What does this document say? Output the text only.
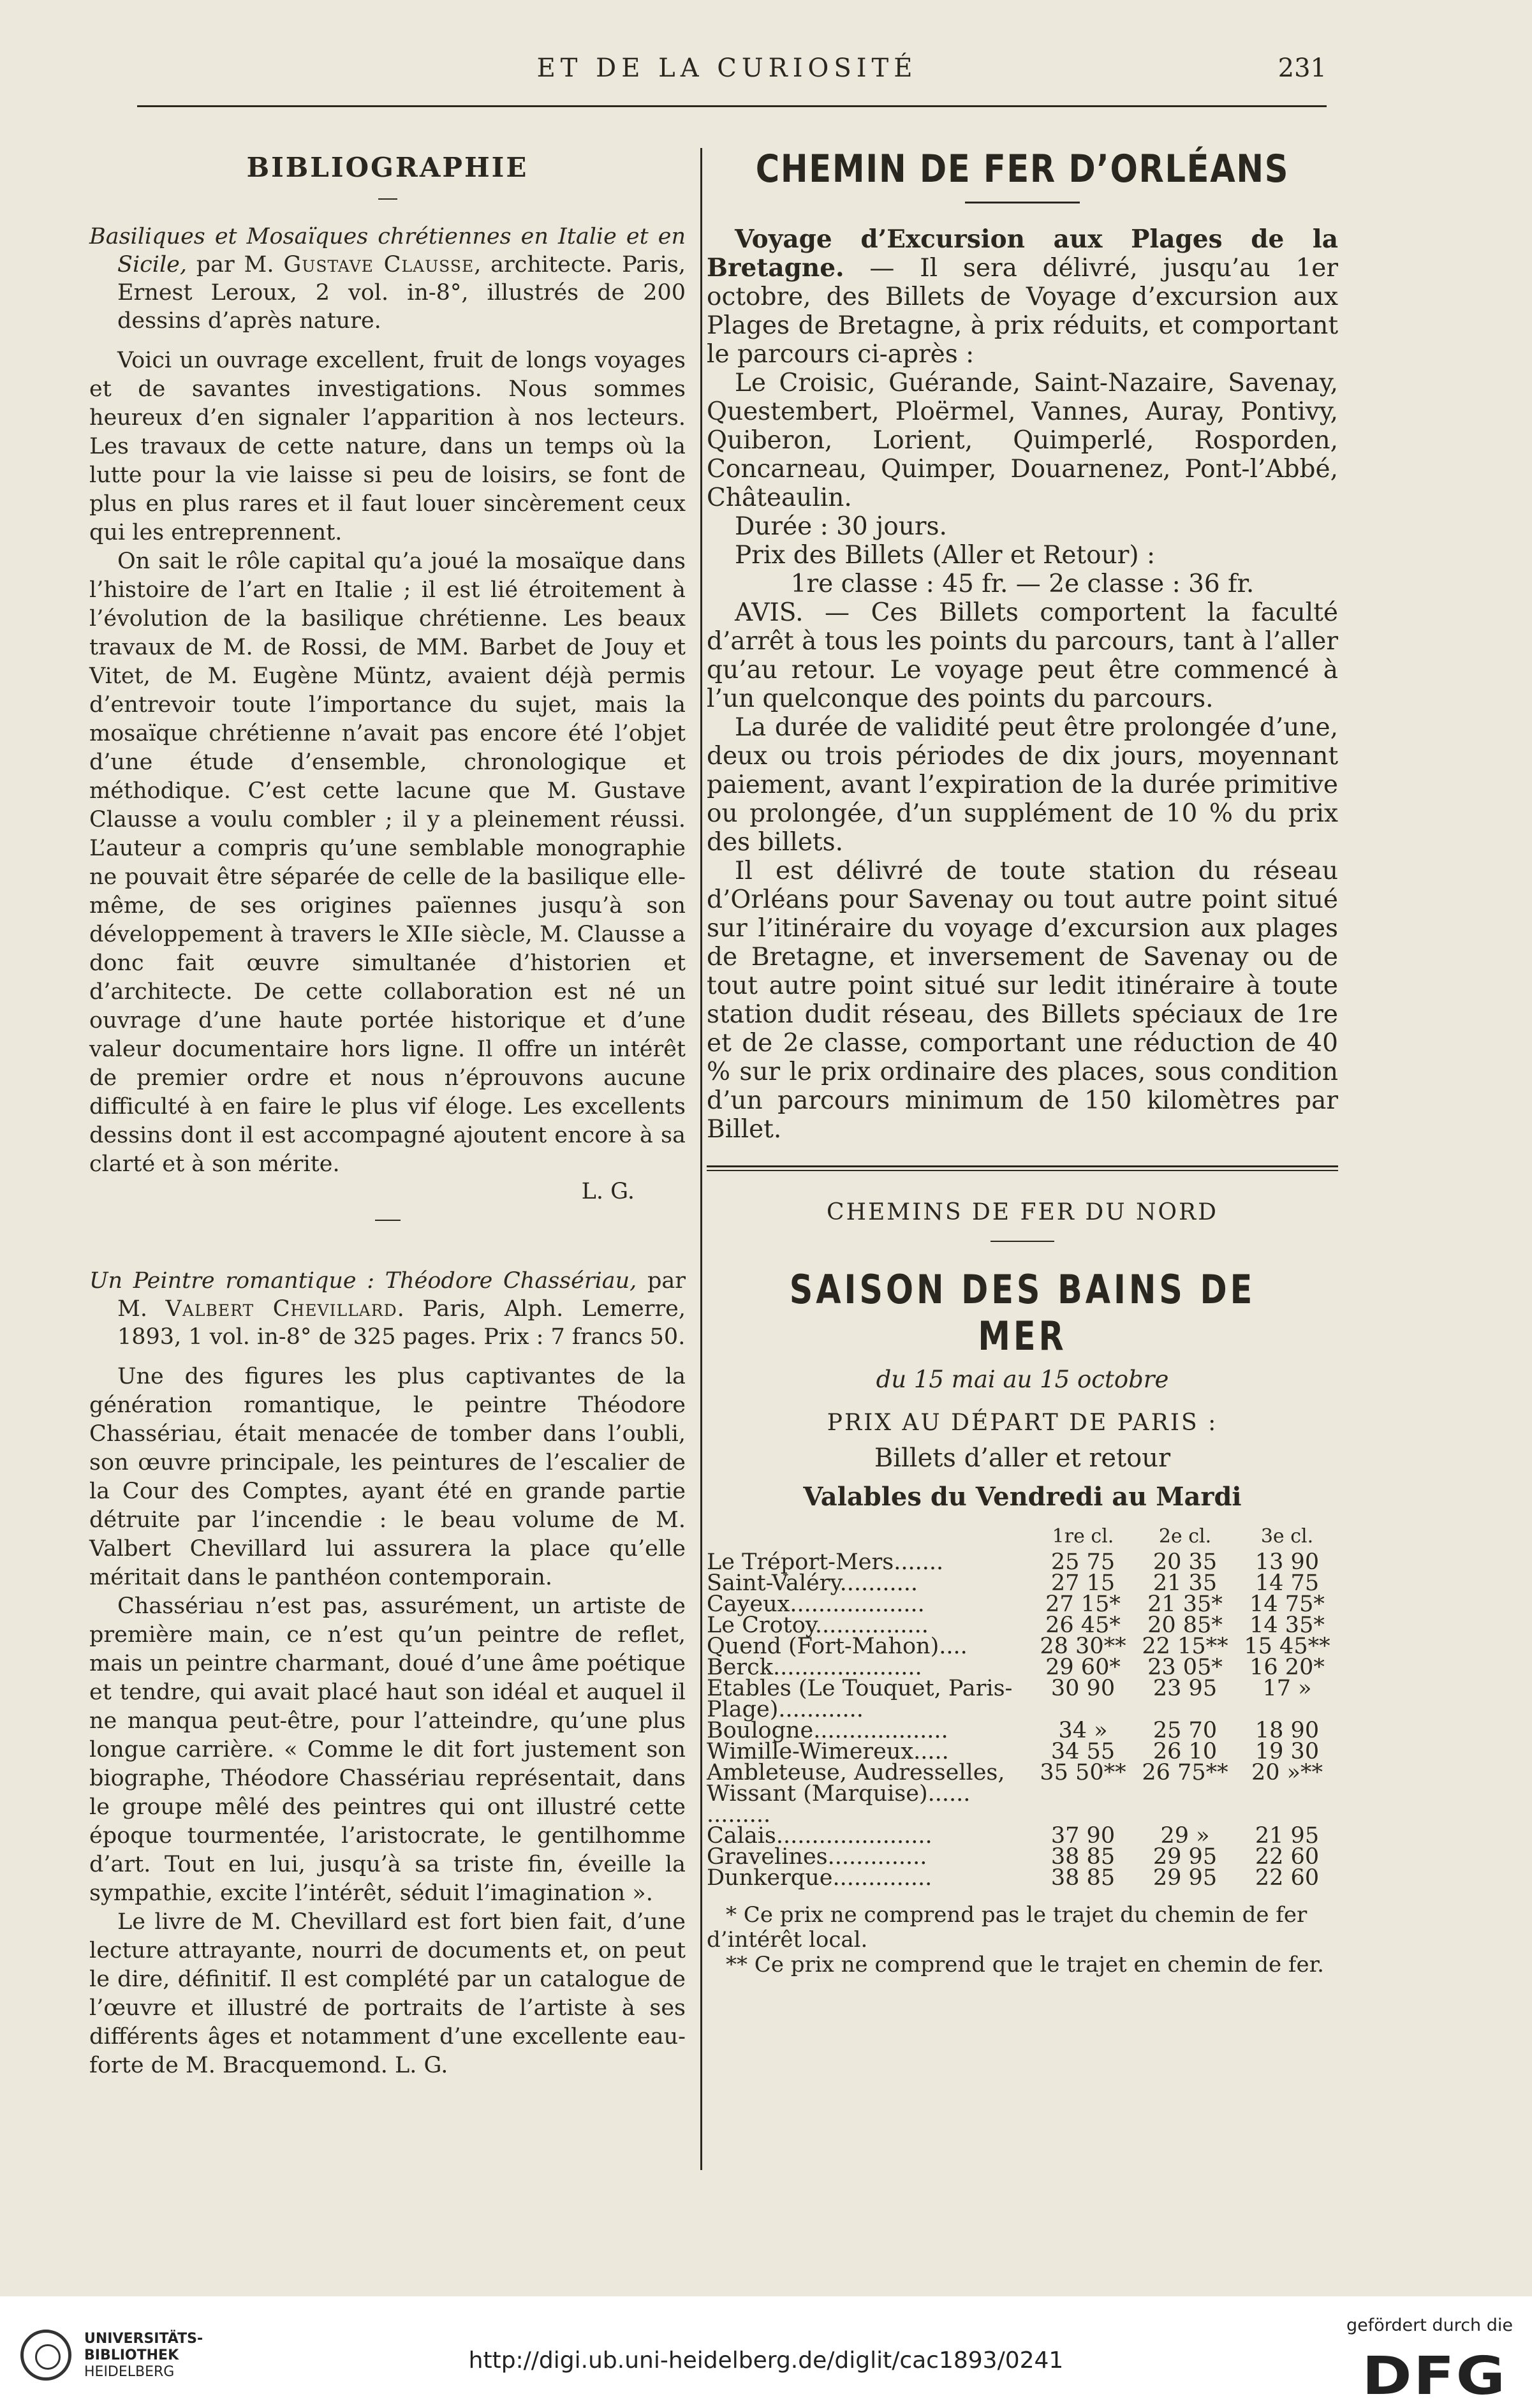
ET DE LA CURIOSITÉ	231
BIBLIOGRAPHIE

Basiliques et Mosaïques chrétiennes en Italie et en Sicile, par M. Gustave Clausse, architecte. Paris, Ernest Leroux, 2 vol. in-8°, illustrés de 200 dessins d’après nature.

Voici un ouvrage excellent, fruit de longs voyages et de savantes investigations. Nous sommes heureux d’en signaler l’apparition à nos lecteurs. Les travaux de cette nature, dans un temps où la lutte pour la vie laisse si peu de loisirs, se font de plus en plus rares et il faut louer sincèrement ceux qui les entreprennent.

On sait le rôle capital qu’a joué la mosaïque dans l’histoire de l’art en Italie ; il est lié étroitement à l’évolution de la basilique chrétienne. Les beaux travaux de M. de Rossi, de MM. Barbet de Jouy et Vitet, de M. Eugène Müntz, avaient déjà permis d’entrevoir toute l’importance du sujet, mais la mosaïque chrétienne n’avait pas encore été l’objet d’une étude d’ensemble, chronologique et méthodique. C’est cette lacune que M. Gustave Clausse a voulu combler ; il y a pleinement réussi. L’auteur a compris qu’une semblable monographie ne pouvait être séparée de celle de la basilique elle-même, de ses origines païennes jusqu’à son développement à travers le XIIe siècle, M. Clausse a donc fait œuvre simultanée d’historien et d’architecte. De cette collaboration est né un ouvrage d’une haute portée historique et d’une valeur documentaire hors ligne. Il offre un intérêt de premier ordre et nous n’éprouvons aucune difficulté à en faire le plus vif éloge. Les excellents dessins dont il est accompagné ajoutent encore à sa clarté et à son mérite.

L. G.

Un Peintre romantique : Théodore Chassériau, par M. Valbert Chevillard. Paris, Alph. Lemerre, 1893, 1 vol. in-8° de 325 pages. Prix : 7 francs 50.

Une des figures les plus captivantes de la génération romantique, le peintre Théodore Chassériau, était menacée de tomber dans l’oubli, son œuvre principale, les peintures de l’escalier de la Cour des Comptes, ayant été en grande partie détruite par l’incendie : le beau volume de M. Valbert Chevillard lui assurera la place qu’elle méritait dans le panthéon contemporain.

Chassériau n’est pas, assurément, un artiste de première main, ce n’est qu’un peintre de reflet, mais un peintre charmant, doué d’une âme poétique et tendre, qui avait placé haut son idéal et auquel il ne manqua peut-être, pour l’atteindre, qu’une plus longue carrière. « Comme le dit fort justement son biographe, Théodore Chassériau représentait, dans le groupe mêlé des peintres qui ont illustré cette époque tourmentée, l’aristocrate, le gentilhomme d’art. Tout en lui, jusqu’à sa triste fin, éveille la sympathie, excite l’intérêt, séduit l’imagination ».

Le livre de M. Chevillard est fort bien fait, d’une lecture attrayante, nourri de documents et, on peut le dire, définitif. Il est complété par un catalogue de l’œuvre et illustré de portraits de l’artiste à ses différents âges et notamment d’une excellente eau-forte de M. Bracquemond. L. G.

CHEMIN DE FER D’ORLÉANS

Voyage d’Excursion aux Plages de la Bretagne. — Il sera délivré, jusqu’au 1er octobre, des Billets de Voyage d’excursion aux Plages de Bretagne, à prix réduits, et comportant le parcours ci-après :

Le Croisic, Guérande, Saint-Nazaire, Savenay, Questembert, Ploërmel, Vannes, Auray, Pontivy, Quiberon, Lorient, Quimperlé, Rosporden, Concarneau, Quimper, Douarnenez, Pont-l’Abbé, Châteaulin.

Durée : 30 jours.

Prix des Billets (Aller et Retour) :

1re classe : 45 fr. — 2e classe : 36 fr.

AVIS. — Ces Billets comportent la faculté d’arrêt à tous les points du parcours, tant à l’aller qu’au retour. Le voyage peut être commencé à l’un quelconque des points du parcours.

La durée de validité peut être prolongée d’une, deux ou trois périodes de dix jours, moyennant paiement, avant l’expiration de la durée primitive ou prolongée, d’un supplément de 10 % du prix des billets.

Il est délivré de toute station du réseau d’Orléans pour Savenay ou tout autre point situé sur l’itinéraire du voyage d’excursion aux plages de Bretagne, et inversement de Savenay ou de tout autre point situé sur ledit itinéraire à toute station dudit réseau, des Billets spéciaux de 1re et de 2e classe, comportant une réduction de 40 % sur le prix ordinaire des places, sous condition d’un parcours minimum de 150 kilomètres par Billet.

CHEMINS DE FER DU NORD
SAISON DES BAINS DE MER
du 15 mai au 15 octobre
PRIX AU DÉPART DE PARIS :
Billets d’aller et retour
Valables du Vendredi au Mardi
	1re cl.	2e cl.	3e cl.
Le Tréport-Mers.......	25 75	20 35	13 90
Saint-Valéry...........	27 15	21 35	14 75
Cayeux...................	27 15*	21 35*	14 75*
Le Crotoy................	26 45*	20 85*	14 35*
Quend (Fort-Mahon)....	28 30**	22 15**	15 45**
Berck.....................	29 60*	23 05*	16 20*
Etables (Le Touquet, Paris-Plage)............	30 90	23 95	17 »
Boulogne...................	34 »	25 70	18 90
Wimille-Wimereux.....	34 55	26 10	19 30
Ambleteuse, Audresselles, Wissant (Marquise)...... .........	35 50**	26 75**	20 »**
Calais......................	37 90	29 »	21 95
Gravelines..............	38 85	29 95	22 60
Dunkerque..............	38 85	29 95	22 60

* Ce prix ne comprend pas le trajet du chemin de fer d’intérêt local.

** Ce prix ne comprend que le trajet en chemin de fer.

UNIVERSITÄTS-
BIBLIOTHEK
HEIDELBERG	http://digi.ub.uni-heidelberg.de/diglit/cac1893/0241
gefördert durch die
DFG
